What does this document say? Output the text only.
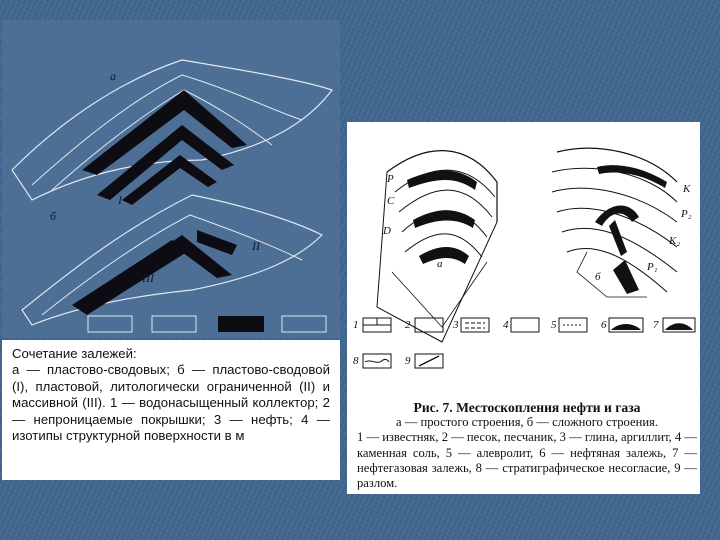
а
б
I
II
III
Сочетание залежей:
а — пластово-сводовых; б — пластово-сводовой (I), пластовой, литологически ограниченной (II) и массивной (III). 1 — водонасыщенный коллектор; 2 — непроницаемые покрышки; 3 — нефть; 4 — изотипы структурной поверхности в м
P
C
D
а
K
P₂
K₂
P₁
б
1	2	3	4	5	6	7
8	9
Рис. 7. Местоскопления нефти и газа
а — простого строения, б — сложного строения.
1 — известняк, 2 — песок, песчаник, 3 — глина, аргиллит, 4 — каменная соль, 5 — алевролит, 6 — нефтяная залежь, 7 — нефтегазовая залежь, 8 — стратиграфическое несогласие, 9 — разлом.
